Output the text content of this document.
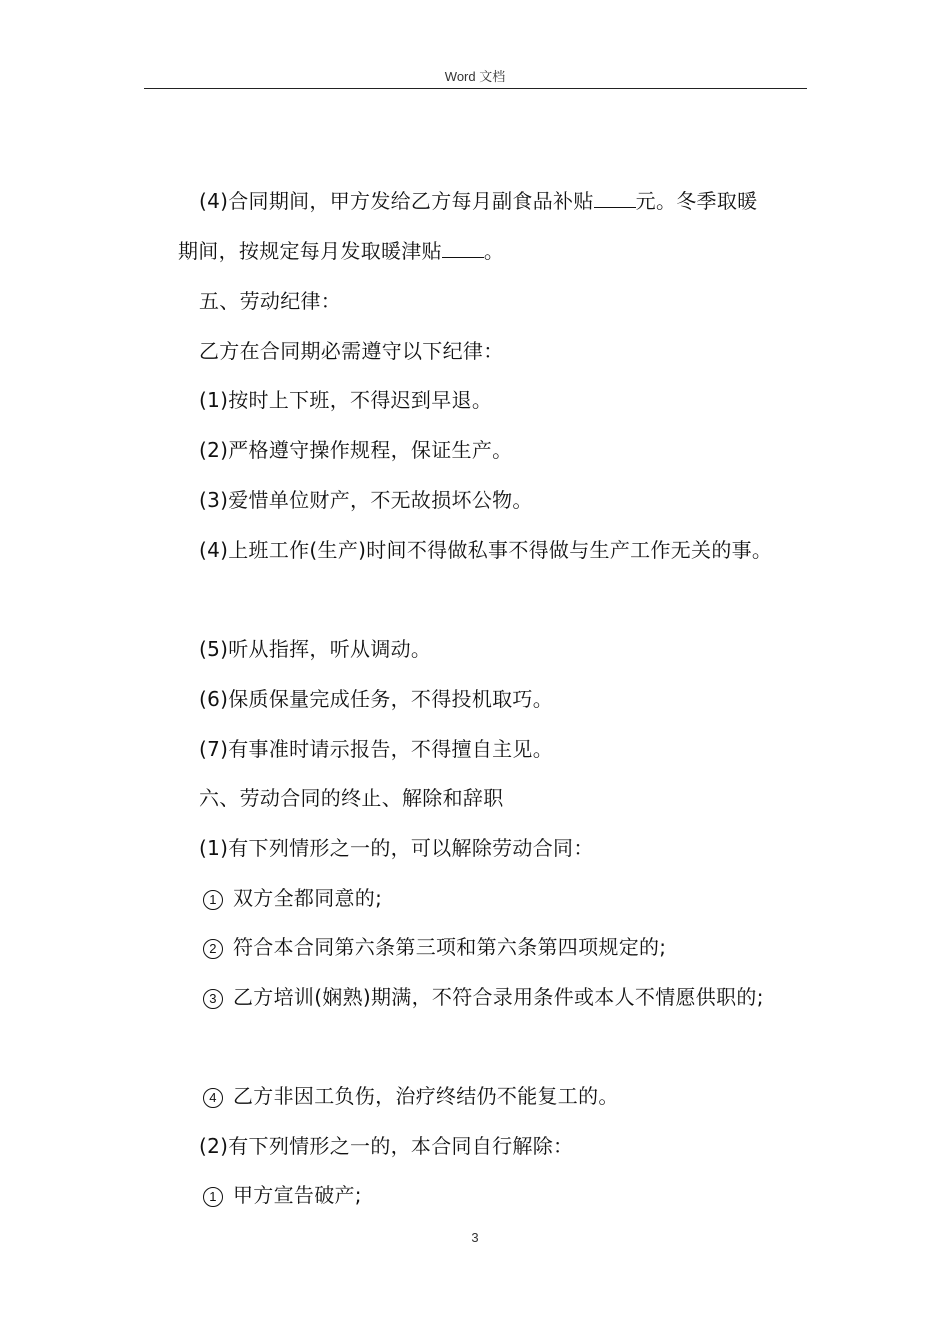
Word 文档
(4)合同期间，甲方发给乙方每月副食品补贴 元。冬季取暖
期间，按规定每月发取暖津贴 。
五、劳动纪律：
乙方在合同期必需遵守以下纪律：
(1)按时上下班，不得迟到早退。
(2)严格遵守操作规程，保证生产。
(3)爱惜单位财产，不无故损坏公物。
(4)上班工作(生产)时间不得做私事不得做与生产工作无关的事。
(5)听从指挥，听从调动。
(6)保质保量完成任务，不得投机取巧。
(7)有事准时请示报告，不得擅自主见。
六、劳动合同的终止、解除和辞职
(1)有下列情形之一的，可以解除劳动合同：
1 双方全都同意的;
2 符合本合同第六条第三项和第六条第四项规定的;
3 乙方培训(娴熟)期满，不符合录用条件或本人不情愿供职的;
4 乙方非因工负伤，治疗终结仍不能复工的。
(2)有下列情形之一的，本合同自行解除：
1 甲方宣告破产;
3
